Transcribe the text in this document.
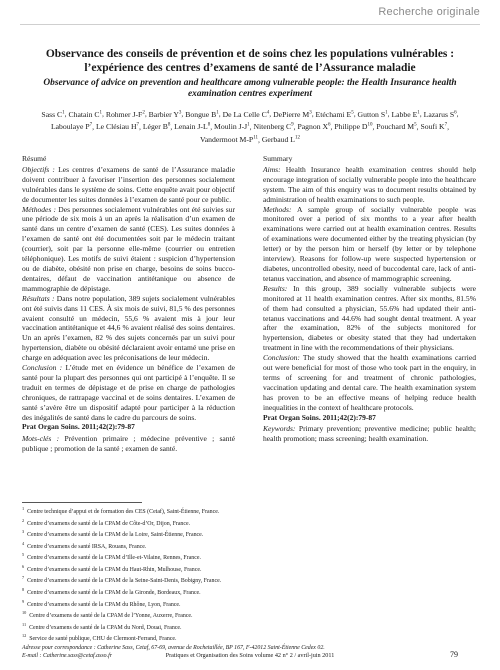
Recherche originale
Observance des conseils de prévention et de soins chez les populations vulnérables : l’expérience des centres d’examens de santé de l’Assurance maladie
Observance of advice on prevention and healthcare among vulnerable people: the Health Insurance health examination centres experiment
Sass $C^1$, Chatain $C^1$, Rohmer $J-F^2$, Barbier $Y^3$, Bongue $B^1$, De La Celle $C^4$, DePierre $M^3$, Etéchami $E^5$, Gutton $S^1$, Labbe $E^1$, Lazarus $S^6$, Laboulaye $P^7$, Le Clésiau $H^7$, Léger $B^8$, Lenain $J-L^8$, Moulin $J-J^1$, Nitenberg $C^9$, Pagnon $X^6$, Philippe $D^{10}$, Pouchard $M^5$, Soufi $K^7$, Vandermoot $M-P^{11}$, Gerbaud $L^{12}$

Résumé

Objectifs : Les centres d’examens de santé de l’Assurance maladie doivent contribuer à favoriser l’insertion des personnes socialement vulnérables dans le système de soins. Cette enquête avait pour objectif de documenter les suites données à l’examen de santé pour ce public.

Méthodes : Des personnes socialement vulnérables ont été suivies sur une période de six mois à un an après la réalisation d’un examen de santé dans un centre d’examen de santé (CES). Les suites données à l’examen de santé ont été documentées soit par le médecin traitant (courrier), soit par la personne elle-même (courrier ou entretien téléphonique). Les motifs de suivi étaient : suspicion d’hypertension ou de diabète, obésité non prise en charge, besoins de soins bucco-dentaires, défaut de vaccination antitétanique ou absence de mammographie de dépistage.

Résultats : Dans notre population, 389 sujets socialement vulnérables ont été suivis dans 11 CES. À six mois de suivi, 81,5 % des personnes avaient consulté un médecin, 55,6 % avaient mis à jour leur vaccination antitétanique et 44,6 % avaient réalisé des soins dentaires. Un an après l’examen, 82 % des sujets concernés par un suivi pour hypertension, diabète ou obésité déclaraient avoir entamé une prise en charge en adéquation avec les préconisations de leur médecin.

Conclusion : L’étude met en évidence un bénéfice de l’examen de santé pour la plupart des personnes qui ont participé à l’enquête. Il se traduit en termes de dépistage et de prise en charge de pathologies chroniques, de rattrapage vaccinal et de soins dentaires. L’examen de santé s’avère être un dispositif adapté pour participer à la réduction des inégalités de santé dans le cadre du parcours de soins.

Prat Organ Soins. 2011;42(2):79-87

Mots-clés : Prévention primaire ; médecine préventive ; santé publique ; promotion de la santé ; examen de santé.

Summary

Aims: Health Insurance health examination centres should help encourage integration of socially vulnerable people into the healthcare system. The aim of this enquiry was to document results obtained by administration of health examinations to such people.

Methods: A sample group of socially vulnerable people was monitored over a period of six months to a year after health examinations were carried out at health examination centres. Results of examinations were documented either by the treating physician (by letter) or by the person him or herself (by letter or by telephone interview). Reasons for follow-up were suspected hypertension or diabetes, uncontrolled obesity, need of buccodental care, lack of anti-tetanus vaccination, and absence of mammographic screening.

Results: In this group, 389 socially vulnerable subjects were monitored at 11 health examination centres. After six months, 81.5% of them had consulted a physician, 55.6% had updated their anti-tetanus vaccinations and 44.6% had sought dental treatment. A year after the examination, 82% of the subjects monitored for hypertension, diabetes or obesity stated that they had undertaken treatment in line with the recommendations of their physicians.

Conclusion: The study showed that the health examinations carried out were beneficial for most of those who took part in the enquiry, in terms of screening for and treatment of chronic pathologies, vaccination updating and dental care. The health examination system has proven to be an effective means of helping reduce health inequalities in the context of healthcare protocols.

Prat Organ Soins. 2011;42(2):79-87

Keywords: Primary prevention; preventive medicine; public health; health promotion; mass screening; health examination.

$^1$  Centre technique d’appui et de formation des CES (Cetaf), Saint-Étienne, France.

$^2$  Centre d’examens de santé de la CPAM de Côte-d’Or, Dijon, France.

$^3$  Centre d’examens de santé de la CPAM de la Loire, Saint-Étienne, France.

$^4$  Centre d’examens de santé IRSA, Rouans, France.

$^5$  Centre d’examens de santé de la CPAM d’Ille-et-Vilaine, Rennes, France.

$^6$  Centre d’examens de santé de la CPAM du Haut-Rhin, Mulhouse, France.

$^7$  Centre d’examens de santé de la CPAM de la Seine-Saint-Denis, Bobigny, France.

$^8$  Centre d’examens de santé de la CPAM de la Gironde, Bordeaux, France.

$^9$  Centre d’examens de santé de la CPAM du Rhône, Lyon, France.

$^{10}$  Centre d’examens de santé de la CPAM de l’Yonne, Auxerre, France.

$^{11}$  Centre d’examens de santé de la CPAM du Nord, Douai, France.

$^{12}$  Service de santé publique, CHU de Clermont-Ferrand, France.

Adresse pour correspondance : Catherine Sass, Cetaf, 67-69, avenue de Rochetaillée, BP 167, F-42012 Saint-Étienne Cedex 02.

E-mail : Catherine.sass@cetaf.asso.fr	Pratiques et Organisation des Soins volume 42 n° 2 / avril-juin 2011	79
